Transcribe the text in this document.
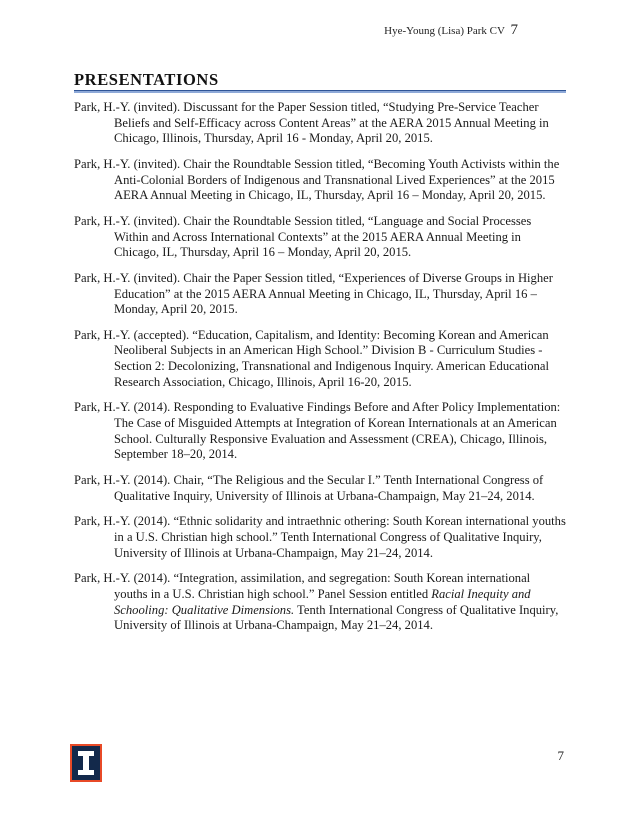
Hye-Young (Lisa) Park CV 7
PRESENTATIONS

Park, H.-Y. (invited). Discussant for the Paper Session titled, “Studying Pre-Service Teacher Beliefs and Self-Efficacy across Content Areas” at the AERA 2015 Annual Meeting in Chicago, Illinois, Thursday, April 16 - Monday, April 20, 2015.

Park, H.-Y. (invited). Chair the Roundtable Session titled, “Becoming Youth Activists within the Anti-Colonial Borders of Indigenous and Transnational Lived Experiences” at the 2015 AERA Annual Meeting in Chicago, IL, Thursday, April 16 – Monday, April 20, 2015.

Park, H.-Y. (invited). Chair the Roundtable Session titled, “Language and Social Processes Within and Across International Contexts” at the 2015 AERA Annual Meeting in Chicago, IL, Thursday, April 16 – Monday, April 20, 2015.

Park, H.-Y. (invited). Chair the Paper Session titled, “Experiences of Diverse Groups in Higher Education” at the 2015 AERA Annual Meeting in Chicago, IL, Thursday, April 16 – Monday, April 20, 2015.

Park, H.-Y. (accepted). “Education, Capitalism, and Identity: Becoming Korean and American Neoliberal Subjects in an American High School.” Division B - Curriculum Studies - Section 2: Decolonizing, Transnational and Indigenous Inquiry. American Educational Research Association, Chicago, Illinois, April 16-20, 2015.

Park, H.-Y. (2014). Responding to Evaluative Findings Before and After Policy Implementation: The Case of Misguided Attempts at Integration of Korean Internationals at an American School. Culturally Responsive Evaluation and Assessment (CREA), Chicago, Illinois, September 18–20, 2014.

Park, H.-Y. (2014). Chair, “The Religious and the Secular I.” Tenth International Congress of Qualitative Inquiry, University of Illinois at Urbana-Champaign, May 21–24, 2014.

Park, H.-Y. (2014). “Ethnic solidarity and intraethnic othering: South Korean international youths in a U.S. Christian high school.” Tenth International Congress of Qualitative Inquiry, University of Illinois at Urbana-Champaign, May 21–24, 2014.

Park, H.-Y. (2014). “Integration, assimilation, and segregation: South Korean international youths in a U.S. Christian high school.” Panel Session entitled Racial Inequity and Schooling: Qualitative Dimensions. Tenth International Congress of Qualitative Inquiry, University of Illinois at Urbana-Champaign, May 21–24, 2014.

7
